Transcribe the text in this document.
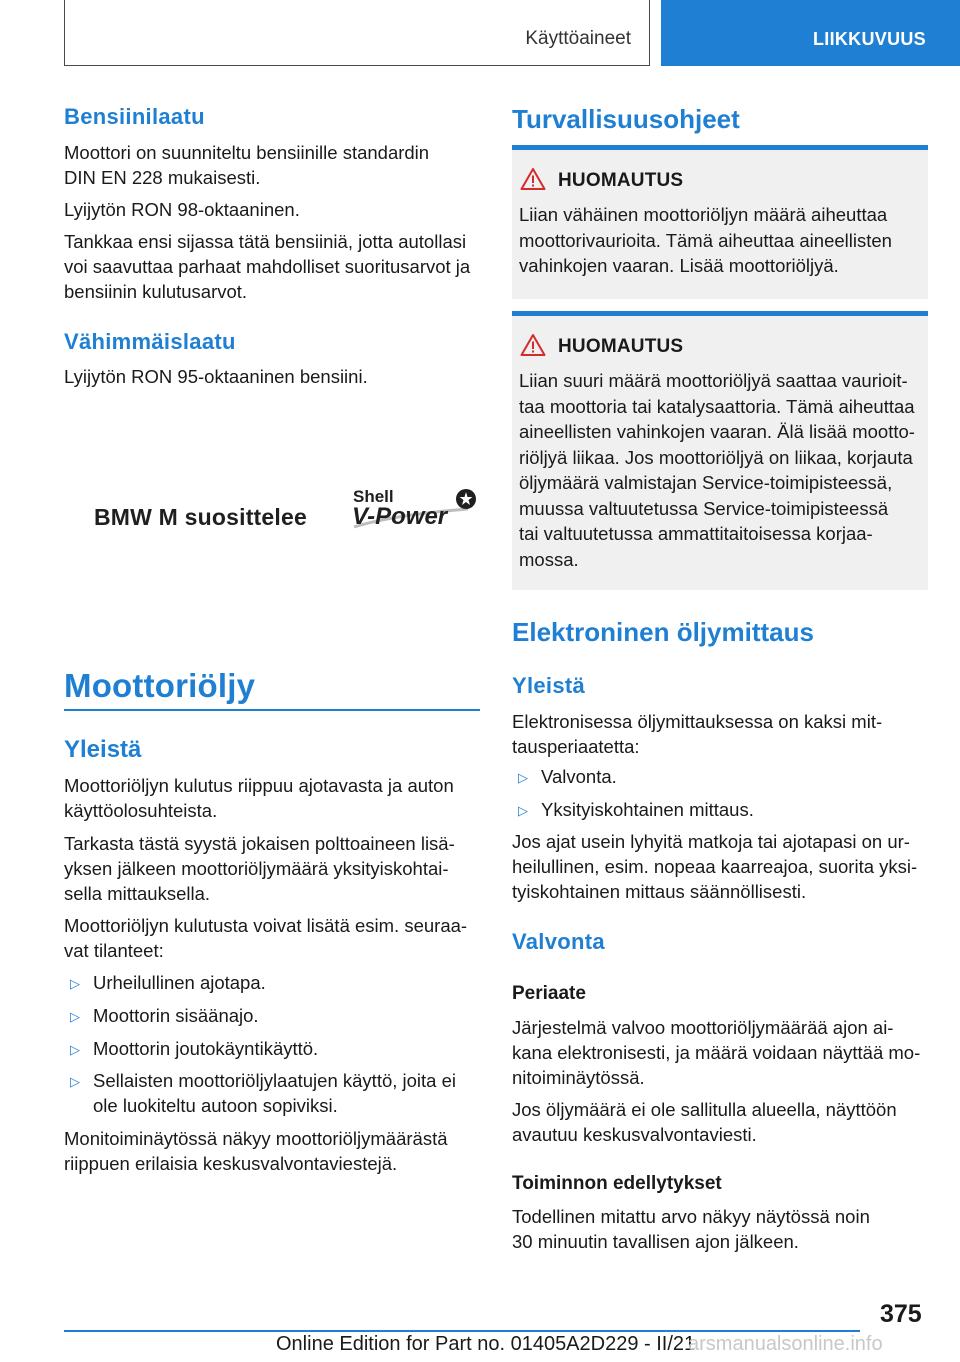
Käyttöaineet	LIIKKUVUUS
Bensiinilaatu
Moottori on suunniteltu bensiinille standardin
DIN EN 228 mukaisesti.
Lyijytön RON 98-oktaaninen.
Tankkaa ensi sijassa tätä bensiiniä, jotta autollasi
voi saavuttaa parhaat mahdolliset suoritusarvot ja
bensiinin kulutusarvot.
Vähimmäislaatu
Lyijytön RON 95-oktaaninen bensiini.
BMW M suosittelee
Shell
V-Power
Moottoriöljy
Yleistä
Moottoriöljyn kulutus riippuu ajotavasta ja auton
käyttöolosuhteista.
Tarkasta tästä syystä jokaisen polttoaineen lisä-
yksen jälkeen moottoriöljymäärä yksityiskohtai-
sella mittauksella.
Moottoriöljyn kulutusta voivat lisätä esim. seuraa-
vat tilanteet:
▷ Urheilullinen ajotapa.
▷ Moottorin sisäänajo.
▷ Moottorin joutokäyntikäyttö.
▷ Sellaisten moottoriöljylaatujen käyttö, joita ei
ole luokiteltu autoon sopiviksi.
Monitoiminäytössä näkyy moottoriöljymäärästä
riippuen erilaisia keskusvalvontaviestejä.
Turvallisuusohjeet
HUOMAUTUS
Liian vähäinen moottoriöljyn määrä aiheuttaa
moottorivaurioita. Tämä aiheuttaa aineellisten
vahinkojen vaaran. Lisää moottoriöljyä.
HUOMAUTUS
Liian suuri määrä moottoriöljyä saattaa vaurioit-
taa moottoria tai katalysaattoria. Tämä aiheuttaa
aineellisten vahinkojen vaaran. Älä lisää mootto-
riöljyä liikaa. Jos moottoriöljyä on liikaa, korjauta
öljymäärä valmistajan Service-toimipisteessä,
muussa valtuutetussa Service-toimipisteessä
tai valtuutetussa ammattitaitoisessa korjaa-
mossa.
Elektroninen öljymittaus
Yleistä
Elektronisessa öljymittauksessa on kaksi mit-
tausperiaatetta:
▷ Valvonta.
▷ Yksityiskohtainen mittaus.
Jos ajat usein lyhyitä matkoja tai ajotapasi on ur-
heilullinen, esim. nopeaa kaarreajoa, suorita yksi-
tyiskohtainen mittaus säännöllisesti.
Valvonta
Periaate
Järjestelmä valvoo moottoriöljymäärää ajon ai-
kana elektronisesti, ja määrä voidaan näyttää mo-
nitoiminäytössä.
Jos öljymäärä ei ole sallitulla alueella, näyttöön
avautuu keskusvalvontaviesti.
Toiminnon edellytykset
Todellinen mitattu arvo näkyy näytössä noin
30 minuutin tavallisen ajon jälkeen.
375
Online Edition for Part no. 01405A2D229 - II/21
arsmanualsonline.info
